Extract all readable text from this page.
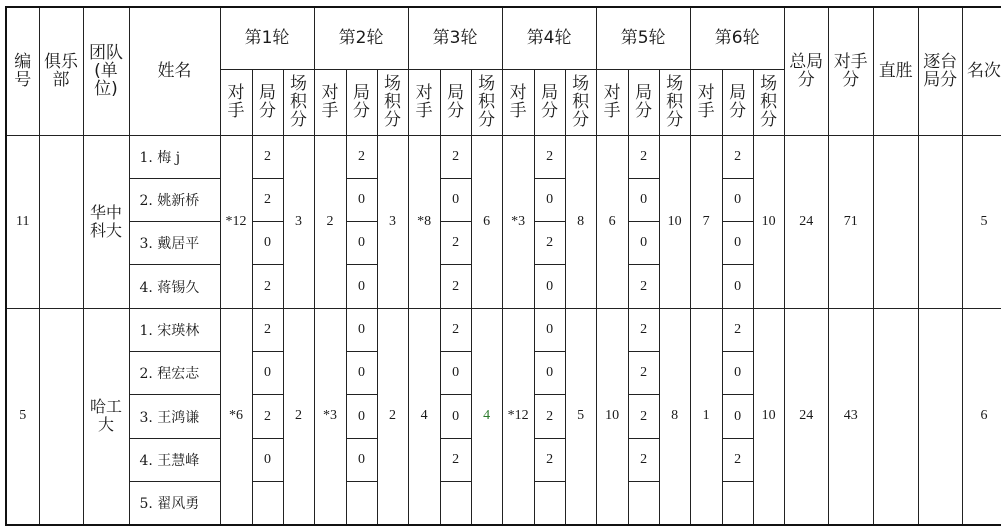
编号	俱乐部	团队(单位)	姓名	第1轮			第2轮			第3轮			第4轮			第5轮			第6轮			总局分	对手分	直胜	逐台局分	名次
				对手	局分	场积分	对手	局分	场积分	对手	局分	场积分	对手	局分	场积分	对手	局分	场积分	对手	局分	场积分					
11		华中科大	1. 梅 j	*12	2	3	2	2	3	*8	2	6	*3	2	8	6	2	10	7	2	10	24	71			5
			2. 姚新桥		2			0			0			0			0			0						
			3. 戴居平		0			0			2			2			0			0						
			4. 蒋锡久		2			0			2			0			2			0						
5		哈工大	1. 宋瑛林	*6	2	2	*3	0	2	4	2	4	*12	0	5	10	2	8	1	2	10	24	43			6
			2. 程宏志		0			0			0			0			2			0						
			3. 王鸿谦		2			0			0			2			2			0						
			4. 王慧峰		0			0			2			2			2			2						
			5. 翟风勇																							
